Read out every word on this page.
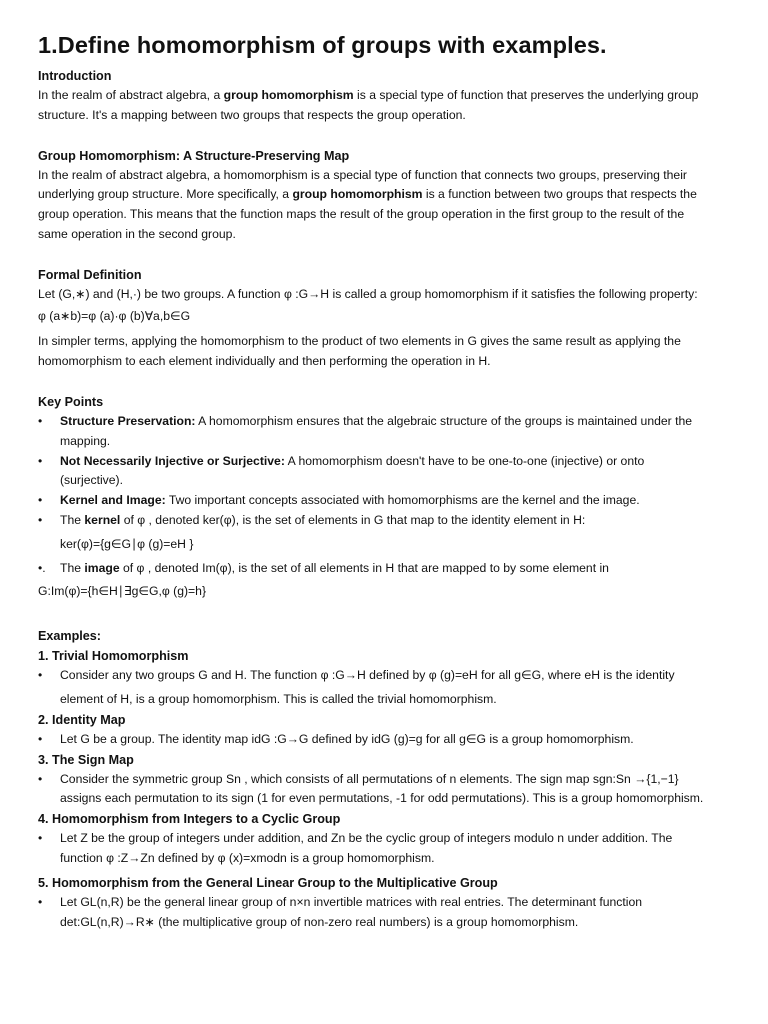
1.Define homomorphism of groups with examples.
Introduction

In the realm of abstract algebra, a group homomorphism is a special type of function that preserves the underlying group

structure. It's a mapping between two groups that respects the group operation.

Group Homomorphism: A Structure-Preserving Map

In the realm of abstract algebra, a homomorphism is a special type of function that connects two groups, preserving their

underlying group structure. More specifically, a group homomorphism is a function between two groups that respects the

group operation. This means that the function maps the result of the group operation in the first group to the result of the

same operation in the second group.

Formal Definition

Let (G,∗) and (H,·) be two groups. A function φ :G→H is called a group homomorphism if it satisfies the following property:

φ (a∗b)=φ (a)·φ (b)∀a,b∈G

In simpler terms, applying the homomorphism to the product of two elements in G gives the same result as applying the

homomorphism to each element individually and then performing the operation in H.

Key Points
•	Structure Preservation: A homomorphism ensures that the algebraic structure of the groups is maintained under the
mapping.
•	Not Necessarily Injective or Surjective: A homomorphism doesn't have to be one-to-one (injective) or onto
(surjective).
•	Kernel and Image: Two important concepts associated with homomorphisms are the kernel and the image.
•	The kernel of φ , denoted ker(φ), is the set of elements in G that map to the identity element in H:

ker(φ)={g∈G∣φ (g)=eH }

•.	The image of φ , denoted Im(φ), is the set of all elements in H that are mapped to by some element in

G:Im(φ)={h∈H∣∃g∈G,φ (g)=h}

Examples:
1. Trivial Homomorphism
•	Consider any two groups G and H. The function φ :G→H defined by φ (g)=eH for all g∈G, where eH is the identity

element of H, is a group homomorphism. This is called the trivial homomorphism.

2. Identity Map
•	Let G be a group. The identity map idG :G→G defined by idG (g)=g for all g∈G is a group homomorphism.
3. The Sign Map
•	Consider the symmetric group Sn , which consists of all permutations of n elements. The sign map sgn:Sn →{1,−1}
assigns each permutation to its sign (1 for even permutations, -1 for odd permutations). This is a group homomorphism.
4. Homomorphism from Integers to a Cyclic Group
•	Let Z be the group of integers under addition, and Zn be the cyclic group of integers modulo n under addition. The
function φ :Z→Zn defined by φ (x)=xmodn is a group homomorphism.
5. Homomorphism from the General Linear Group to the Multiplicative Group
•	Let GL(n,R) be the general linear group of n×n invertible matrices with real entries. The determinant function
det:GL(n,R)→R∗ (the multiplicative group of non-zero real numbers) is a group homomorphism.
